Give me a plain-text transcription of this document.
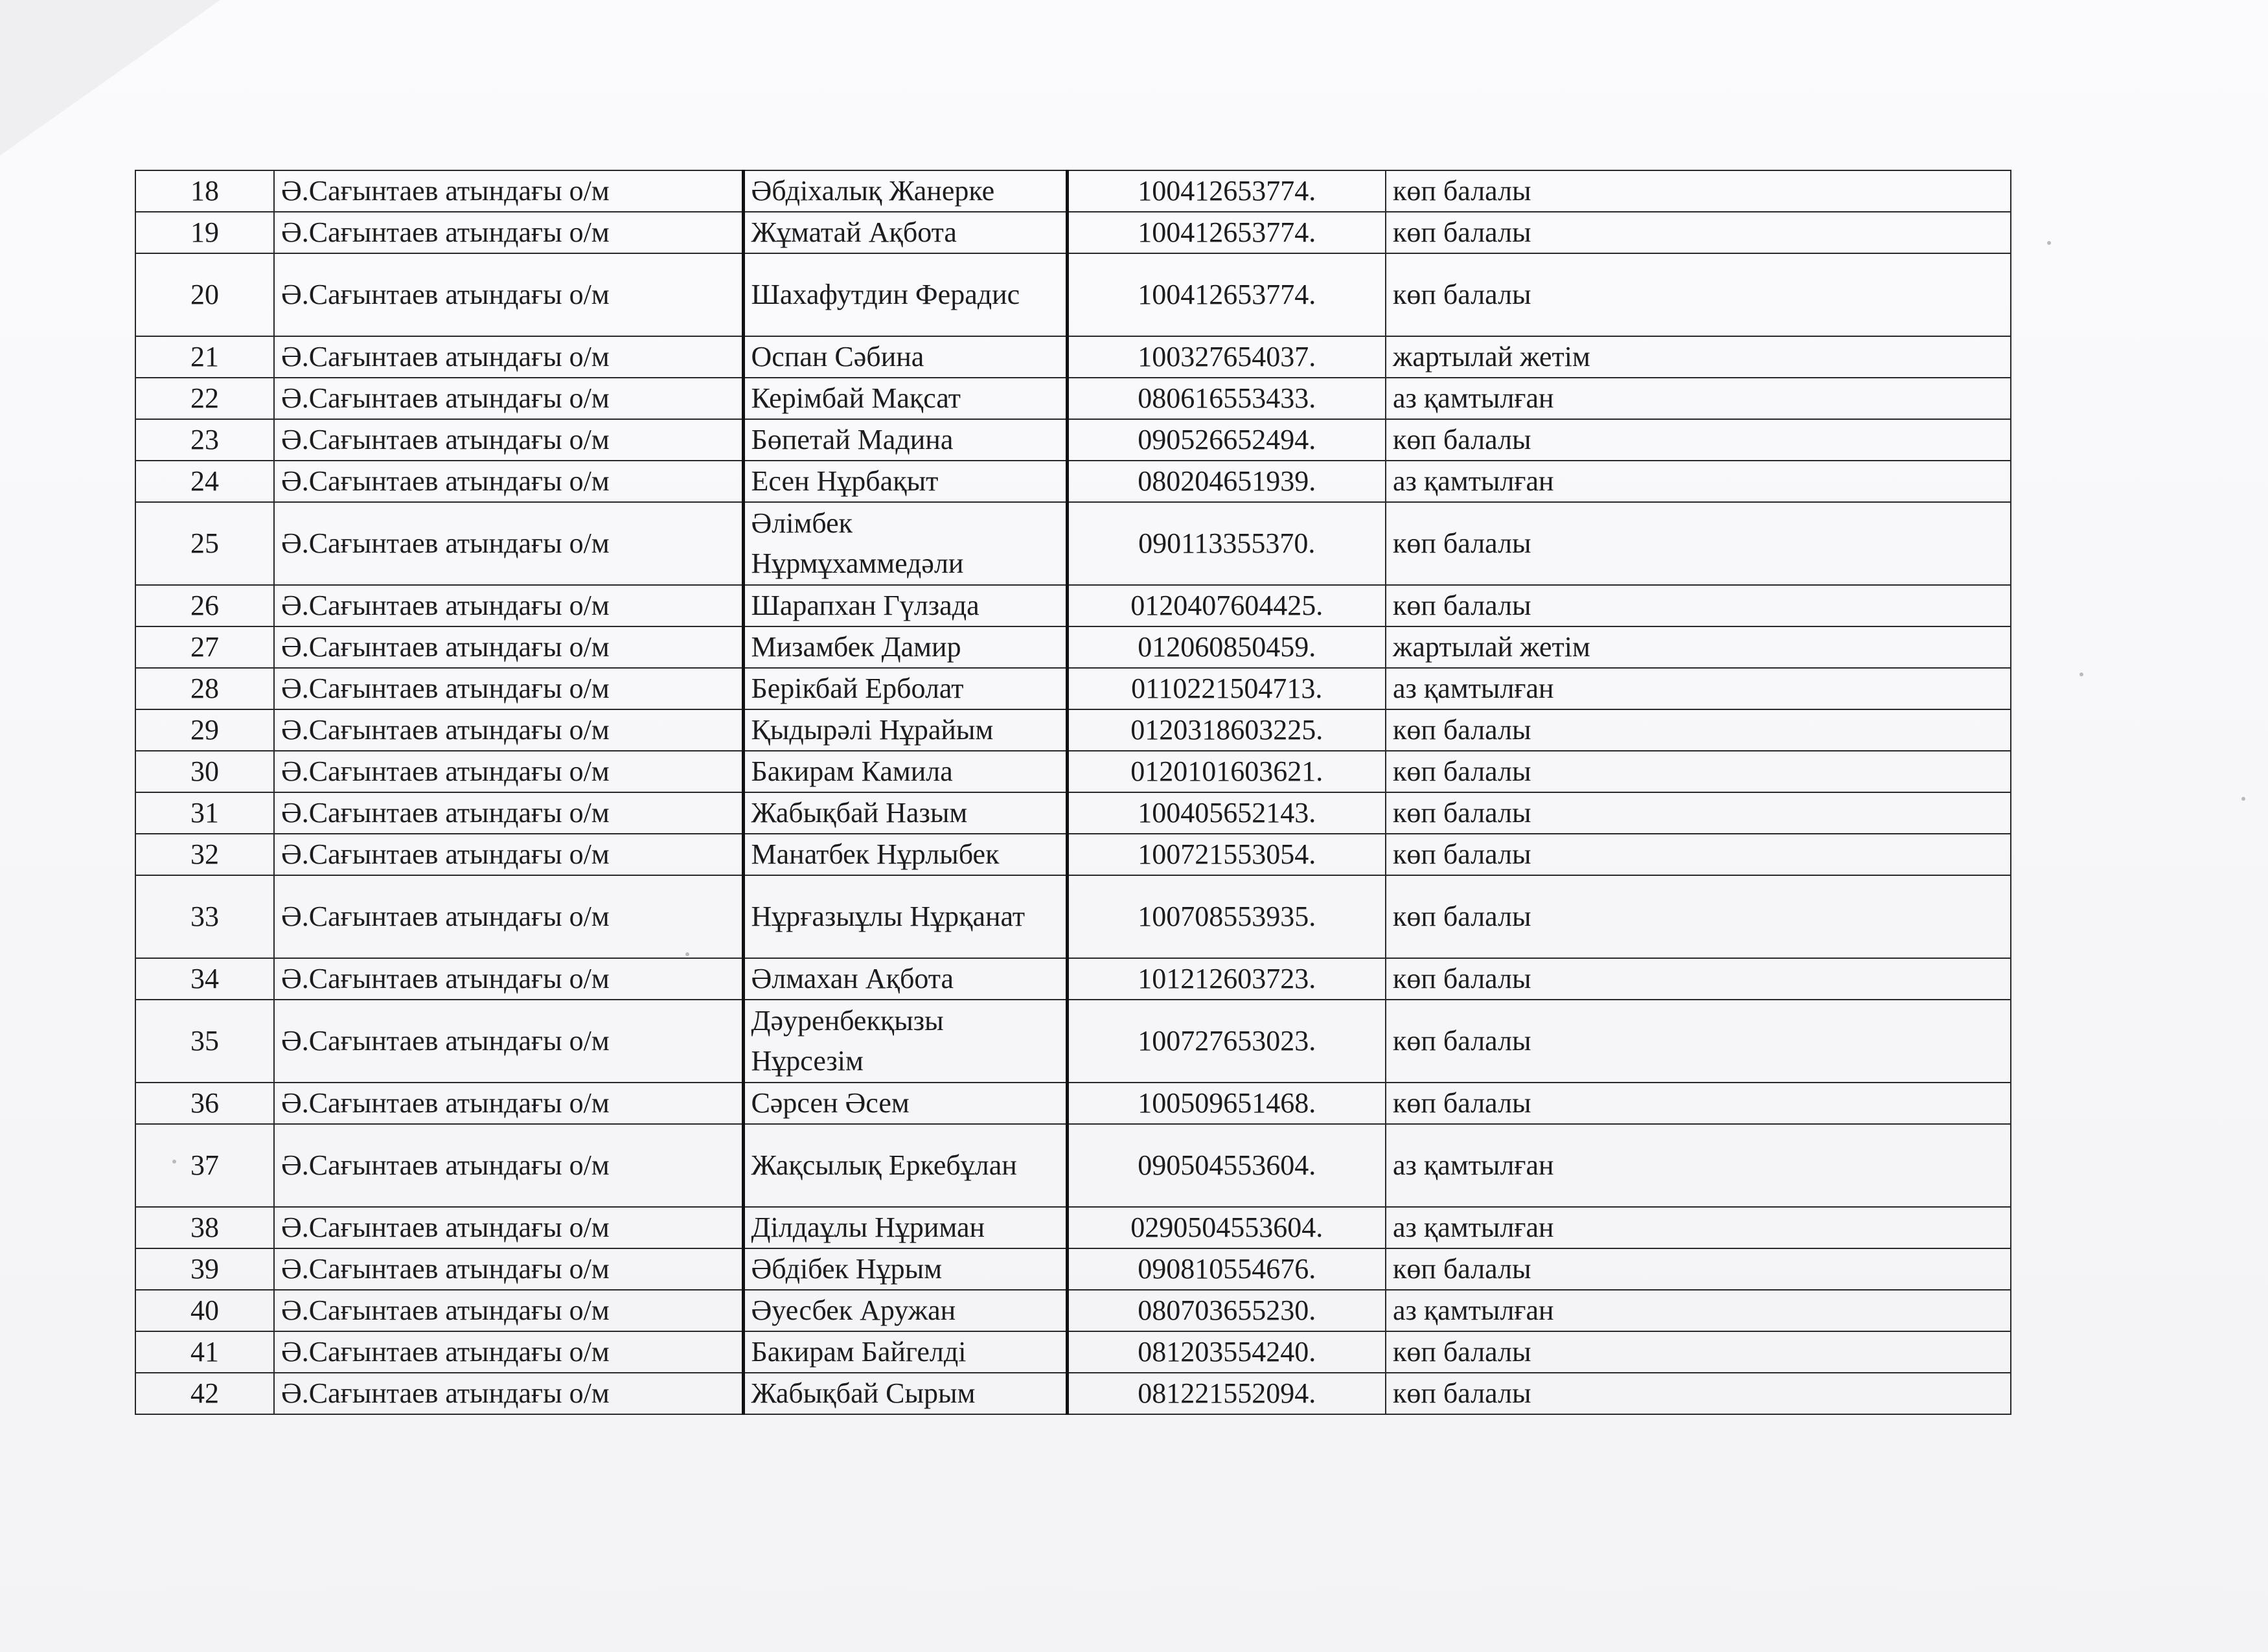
18	Ә.Сағынтаев атындағы о/м	Әбдіхалық Жанерке	100412653774.	көп балалы
19	Ә.Сағынтаев атындағы о/м	Жұматай Ақбота	100412653774.	көп балалы
20	Ә.Сағынтаев атындағы о/м	Шахафутдин Ферадис	100412653774.	көп балалы
21	Ә.Сағынтаев атындағы о/м	Оспан Сәбина	100327654037.	жартылай жетім
22	Ә.Сағынтаев атындағы о/м	Керімбай Мақсат	080616553433.	аз қамтылған
23	Ә.Сағынтаев атындағы о/м	Бөпетай Мадина	090526652494.	көп балалы
24	Ә.Сағынтаев атындағы о/м	Есен Нұрбақыт	080204651939.	аз қамтылған
25	Ә.Сағынтаев атындағы о/м	Әлімбек Нұрмұхаммедәли	090113355370.	көп балалы
26	Ә.Сағынтаев атындағы о/м	Шарапхан Гүлзада	0120407604425.	көп балалы
27	Ә.Сағынтаев атындағы о/м	Мизамбек Дамир	012060850459.	жартылай жетім
28	Ә.Сағынтаев атындағы о/м	Берікбай Ерболат	0110221504713.	аз қамтылған
29	Ә.Сағынтаев атындағы о/м	Қыдырәлі Нұрайым	0120318603225.	көп балалы
30	Ә.Сағынтаев атындағы о/м	Бакирам Камила	0120101603621.	көп балалы
31	Ә.Сағынтаев атындағы о/м	Жабықбай Назым	100405652143.	көп балалы
32	Ә.Сағынтаев атындағы о/м	Манатбек Нұрлыбек	100721553054.	көп балалы
33	Ә.Сағынтаев атындағы о/м	Нұрғазыұлы Нұрқанат	100708553935.	көп балалы
34	Ә.Сағынтаев атындағы о/м	Әлмахан Ақбота	101212603723.	көп балалы
35	Ә.Сағынтаев атындағы о/м	Дәуренбекқызы Нұрсезім	100727653023.	көп балалы
36	Ә.Сағынтаев атындағы о/м	Сәрсен Әсем	100509651468.	көп балалы
37	Ә.Сағынтаев атындағы о/м	Жақсылық Еркебұлан	090504553604.	аз қамтылған
38	Ә.Сағынтаев атындағы о/м	Ділдаұлы Нұриман	0290504553604.	аз қамтылған
39	Ә.Сағынтаев атындағы о/м	Әбдібек Нұрым	090810554676.	көп балалы
40	Ә.Сағынтаев атындағы о/м	Әуесбек Аружан	080703655230.	аз қамтылған
41	Ә.Сағынтаев атындағы о/м	Бакирам Байгелді	081203554240.	көп балалы
42	Ә.Сағынтаев атындағы о/м	Жабықбай Сырым	081221552094.	көп балалы
